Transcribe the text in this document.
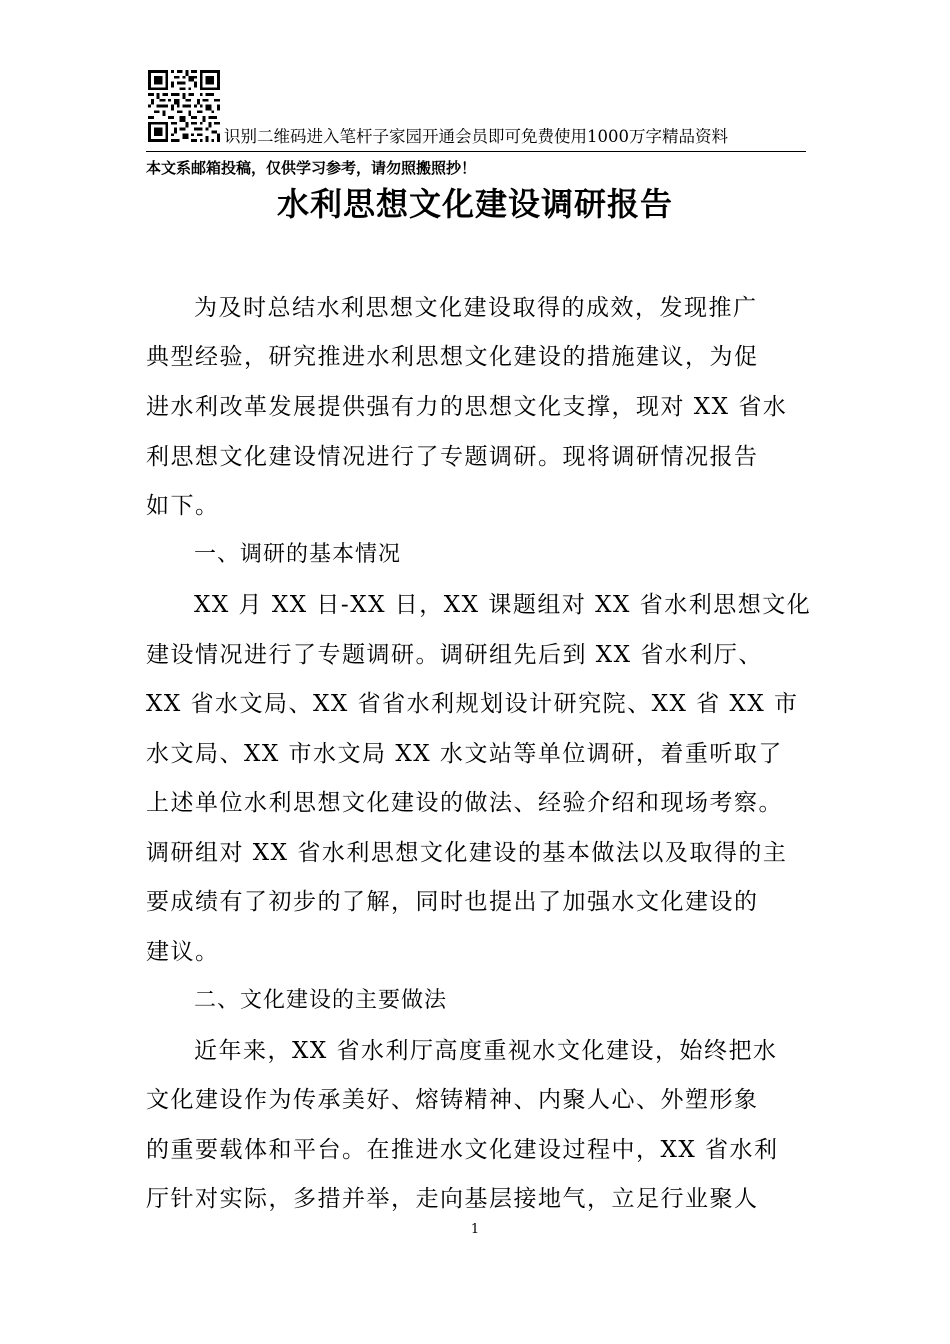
识别二维码进入笔杆子家园开通会员即可免费使用1000万字精品资料
本文系邮箱投稿，仅供学习参考，请勿照搬照抄！
水利思想文化建设调研报告
为及时总结水利思想文化建设取得的成效，发现推广
典型经验，研究推进水利思想文化建设的措施建议，为促
进水利改革发展提供强有力的思想文化支撑，现对 XX 省水
利思想文化建设情况进行了专题调研。现将调研情况报告
如下。
一、调研的基本情况
XX 月 XX 日-XX 日，XX 课题组对 XX 省水利思想文化
建设情况进行了专题调研。调研组先后到 XX 省水利厅、
XX 省水文局、XX 省省水利规划设计研究院、XX 省 XX 市
水文局、XX 市水文局 XX 水文站等单位调研，着重听取了
上述单位水利思想文化建设的做法、经验介绍和现场考察。
调研组对 XX 省水利思想文化建设的基本做法以及取得的主
要成绩有了初步的了解，同时也提出了加强水文化建设的
建议。
二、文化建设的主要做法
近年来，XX 省水利厅高度重视水文化建设，始终把水
文化建设作为传承美好、熔铸精神、内聚人心、外塑形象
的重要载体和平台。在推进水文化建设过程中，XX 省水利
厅针对实际，多措并举，走向基层接地气，立足行业聚人
1
